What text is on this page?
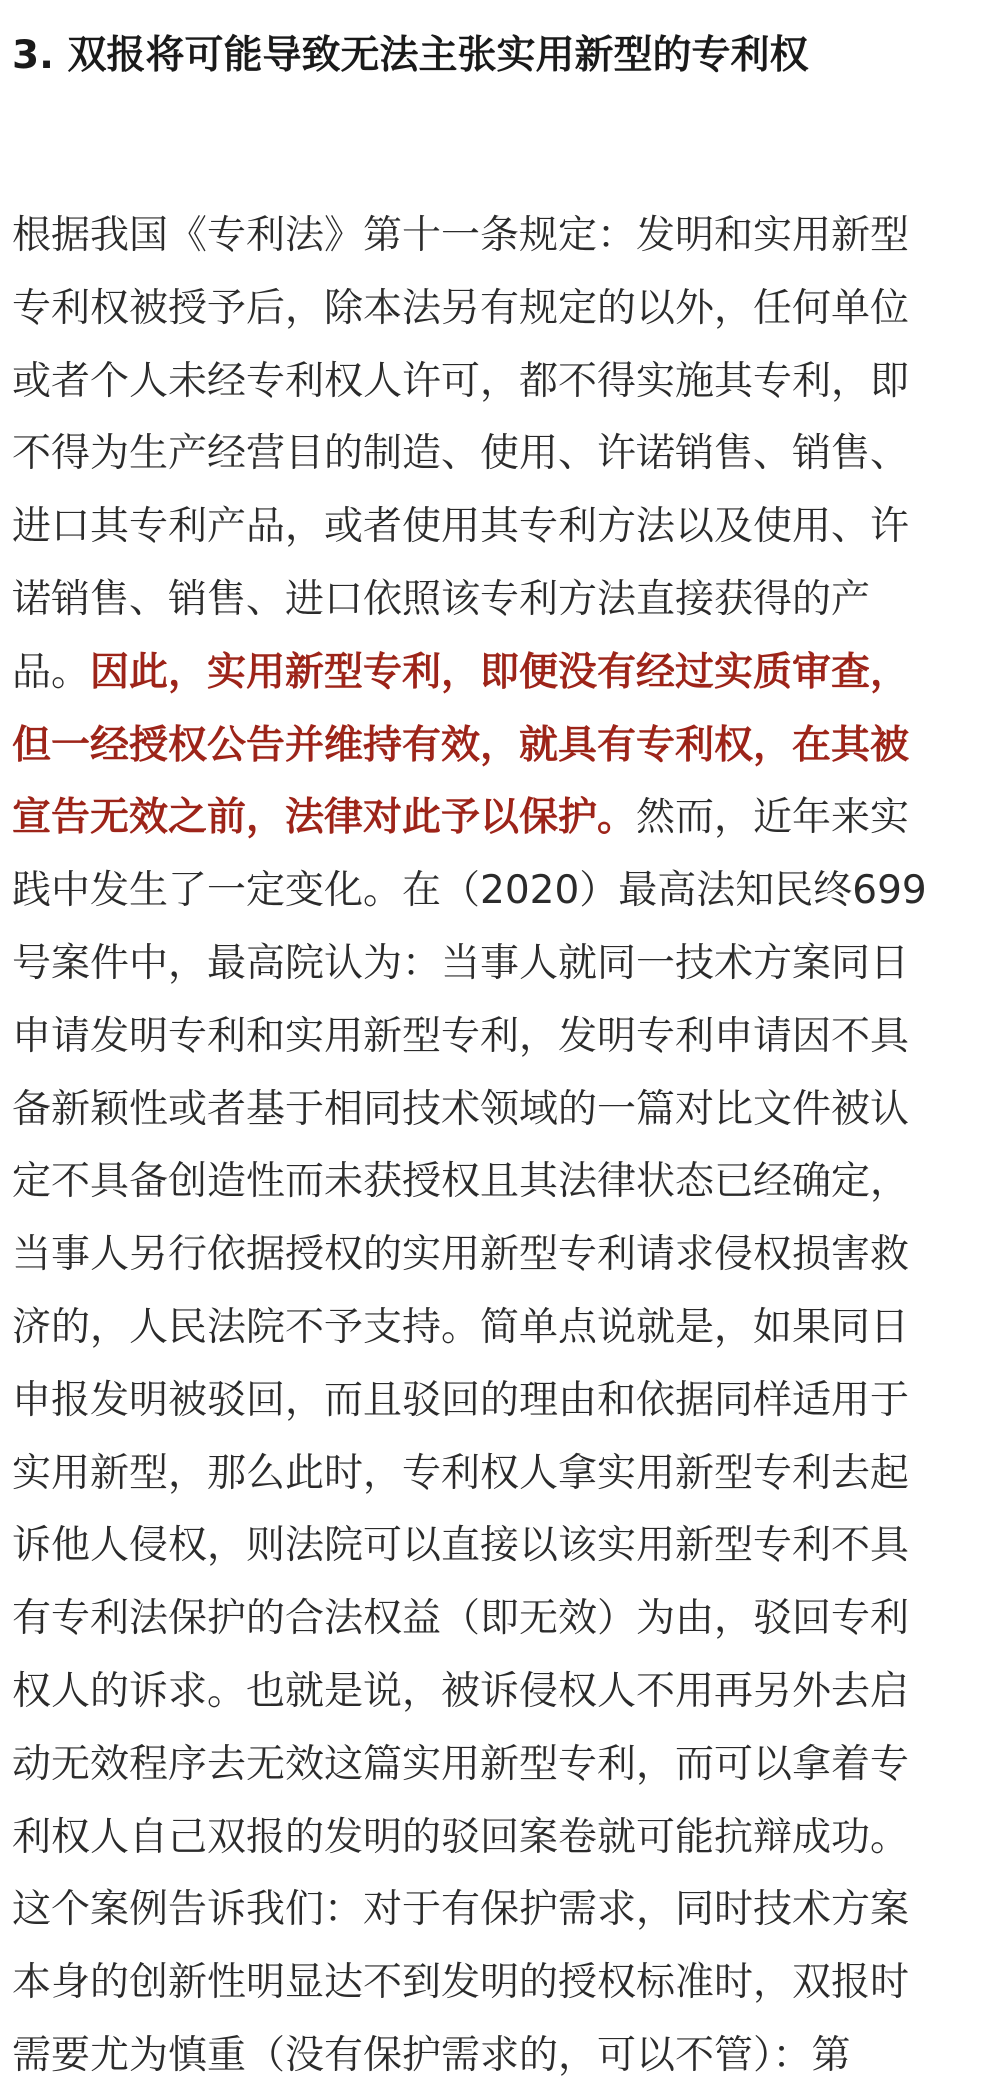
3. 双报将可能导致无法主张实用新型的专利权
根据我国《专利法》第十一条规定：发明和实用新型
专利权被授予后，除本法另有规定的以外，任何单位
或者个人未经专利权人许可，都不得实施其专利，即
不得为生产经营目的制造、使用、许诺销售、销售、
进口其专利产品，或者使用其专利方法以及使用、许
诺销售、销售、进口依照该专利方法直接获得的产
品。因此，实用新型专利，即便没有经过实质审查，
但一经授权公告并维持有效，就具有专利权，在其被
宣告无效之前，法律对此予以保护。然而，近年来实
践中发生了一定变化。在（2020）最高法知民终699
号案件中，最高院认为：当事人就同一技术方案同日
申请发明专利和实用新型专利，发明专利申请因不具
备新颖性或者基于相同技术领域的一篇对比文件被认
定不具备创造性而未获授权且其法律状态已经确定，
当事人另行依据授权的实用新型专利请求侵权损害救
济的，人民法院不予支持。简单点说就是，如果同日
申报发明被驳回，而且驳回的理由和依据同样适用于
实用新型，那么此时，专利权人拿实用新型专利去起
诉他人侵权，则法院可以直接以该实用新型专利不具
有专利法保护的合法权益（即无效）为由，驳回专利
权人的诉求。也就是说，被诉侵权人不用再另外去启
动无效程序去无效这篇实用新型专利，而可以拿着专
利权人自己双报的发明的驳回案卷就可能抗辩成功。
这个案例告诉我们：对于有保护需求，同时技术方案
本身的创新性明显达不到发明的授权标准时，双报时
需要尤为慎重（没有保护需求的，可以不管）：第
